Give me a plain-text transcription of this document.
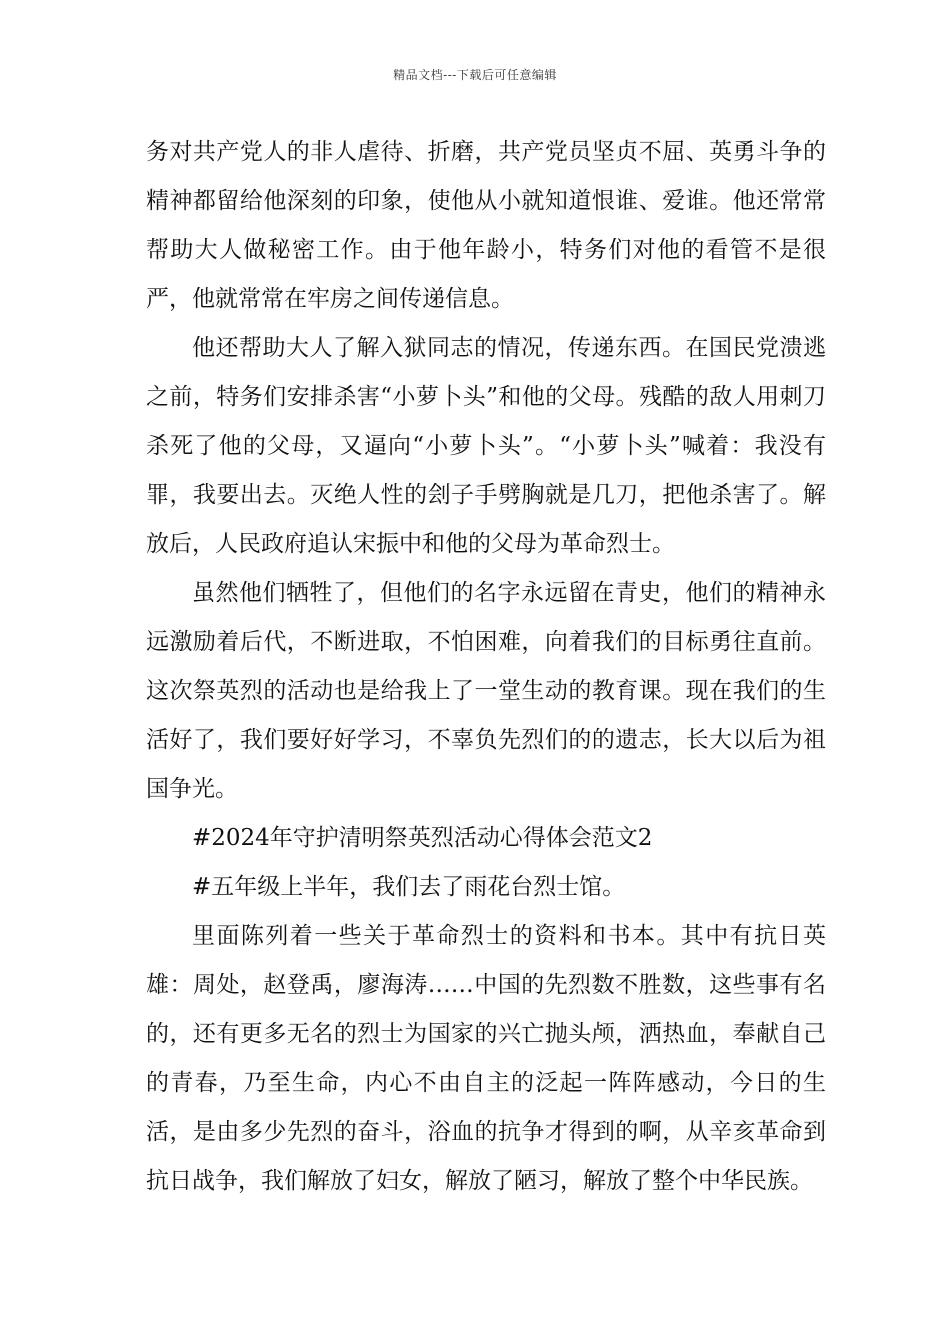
精品文档---下载后可任意编辑

务对共产党人的非人虐待、折磨，共产党员坚贞不屈、英勇斗争的精神都留给他深刻的印象，使他从小就知道恨谁、爱谁。他还常常帮助大人做秘密工作。由于他年龄小，特务们对他的看管不是很严，他就常常在牢房之间传递信息。

他还帮助大人了解入狱同志的情况，传递东西。在国民党溃逃之前，特务们安排杀害“小萝卜头”和他的父母。残酷的敌人用刺刀杀死了他的父母，又逼向“小萝卜头”。“小萝卜头”喊着：我没有罪，我要出去。灭绝人性的刽子手劈胸就是几刀，把他杀害了。解放后，人民政府追认宋振中和他的父母为革命烈士。

虽然他们牺牲了，但他们的名字永远留在青史，他们的精神永远激励着后代，不断进取，不怕困难，向着我们的目标勇往直前。这次祭英烈的活动也是给我上了一堂生动的教育课。现在我们的生活好了，我们要好好学习，不辜负先烈们的的遗志，长大以后为祖国争光。

#2024年守护清明祭英烈活动心得体会范文2

#五年级上半年，我们去了雨花台烈士馆。

里面陈列着一些关于革命烈士的资料和书本。其中有抗日英雄：周处，赵登禹，廖海涛……中国的先烈数不胜数，这些事有名的，还有更多无名的烈士为国家的兴亡抛头颅，洒热血，奉献自己的青春，乃至生命，内心不由自主的泛起一阵阵感动，今日的生活，是由多少先烈的奋斗，浴血的抗争才得到的啊，从辛亥革命到抗日战争，我们解放了妇女，解放了陋习，解放了整个中华民族。
